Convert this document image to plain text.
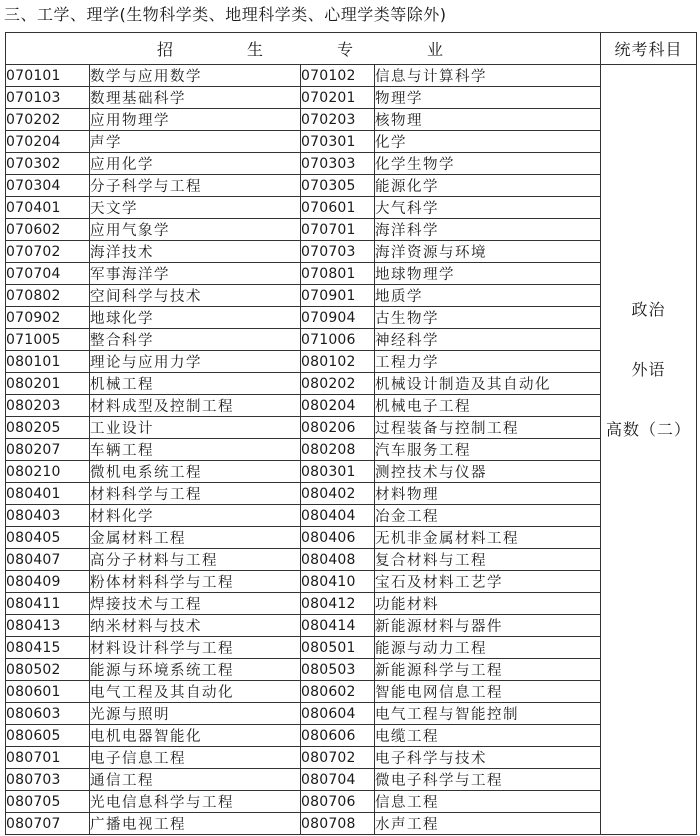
三、工学、理学(生物科学类、地理科学类、心理学类等除外)
招 生 专 业				统考科目
070101	数学与应用数学	070102	信息与计算科学	政治
外语
高数（二）

070103	数理基础科学	070201	物理学	
070202	应用物理学	070203	核物理	
070204	声学	070301	化学	
070302	应用化学	070303	化学生物学	
070304	分子科学与工程	070305	能源化学	
070401	天文学	070601	大气科学	
070602	应用气象学	070701	海洋科学	
070702	海洋技术	070703	海洋资源与环境	
070704	军事海洋学	070801	地球物理学	
070802	空间科学与技术	070901	地质学	
070902	地球化学	070904	古生物学	
071005	整合科学	071006	神经科学	
080101	理论与应用力学	080102	工程力学	
080201	机械工程	080202	机械设计制造及其自动化	
080203	材料成型及控制工程	080204	机械电子工程	
080205	工业设计	080206	过程装备与控制工程	
080207	车辆工程	080208	汽车服务工程	
080210	微机电系统工程	080301	测控技术与仪器	
080401	材料科学与工程	080402	材料物理	
080403	材料化学	080404	冶金工程	
080405	金属材料工程	080406	无机非金属材料工程	
080407	高分子材料与工程	080408	复合材料与工程	
080409	粉体材料科学与工程	080410	宝石及材料工艺学	
080411	焊接技术与工程	080412	功能材料	
080413	纳米材料与技术	080414	新能源材料与器件	
080415	材料设计科学与工程	080501	能源与动力工程	
080502	能源与环境系统工程	080503	新能源科学与工程	
080601	电气工程及其自动化	080602	智能电网信息工程	
080603	光源与照明	080604	电气工程与智能控制	
080605	电机电器智能化	080606	电缆工程	
080701	电子信息工程	080702	电子科学与技术	
080703	通信工程	080704	微电子科学与工程	
080705	光电信息科学与工程	080706	信息工程	
080707	广播电视工程	080708	水声工程	
